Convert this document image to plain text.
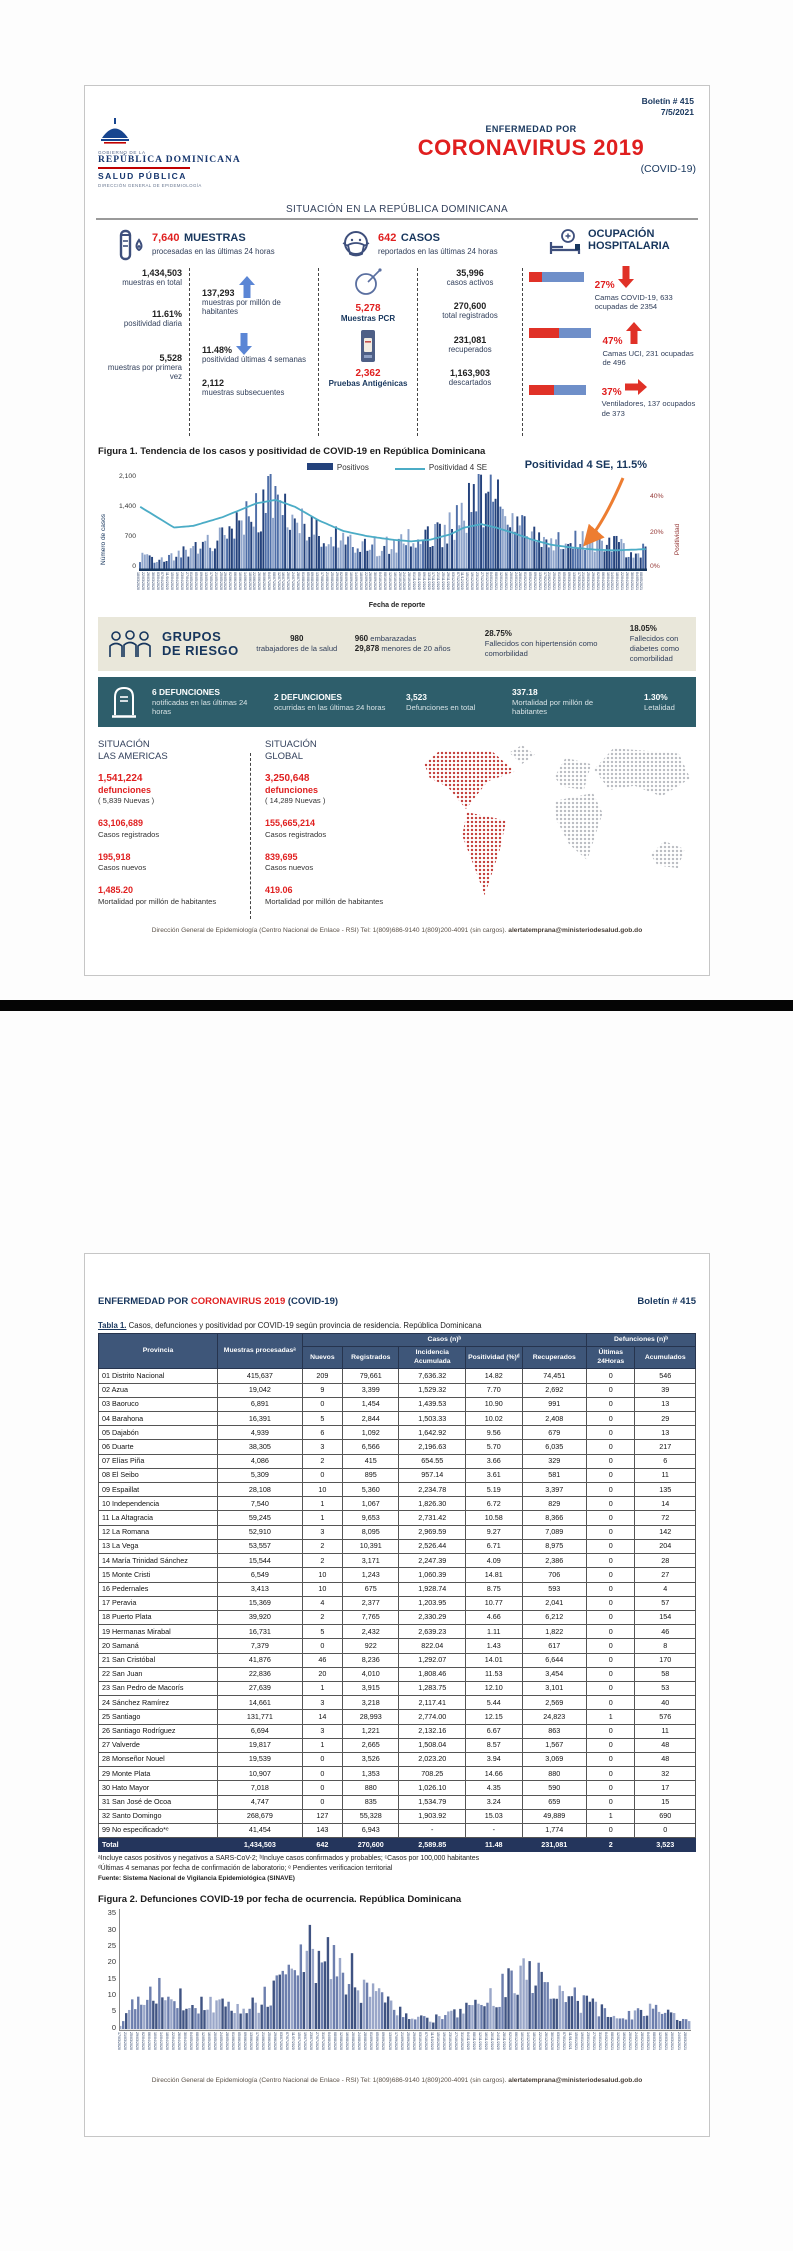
GOBIERNO DE LA
REPÚBLICA DOMINICANA
SALUD PÚBLICA
DIRECCIÓN GENERAL DE EPIDEMIOLOGÍA
Boletín # 415
7/5/2021
ENFERMEDAD POR
CORONAVIRUS 2019
(COVID-19)
SITUACIÓN EN LA REPÚBLICA DOMINICANA
7,640 MUESTRAS
procesadas en las últimas 24 horas
642 CASOS
reportados en las últimas 24 horas
OCUPACIÓN
HOSPITALARIA
1,434,503
muestras en total
11.61%
positividad diaria
5,528
muestras por primera vez
137,293
muestras por millón de habitantes
11.48%
positividad últimas 4 semanas
2,112
muestras subsecuentes
5,278
Muestras PCR
2,362
Pruebas Antigénicas
35,996
casos activos
270,600
total registrados
231,081
recuperados
1,163,903
descartados
27%
Camas COVID-19, 633 ocupadas de 2354
47%
Camas UCI, 231 ocupadas de 496
37%
Ventiladores, 137 ocupados de 373
Figura 1. Tendencia de los casos y positividad de COVID-19 en República Dominicana
Positivos	Positividad 4 SE
Número de casos
2,100
1,400
700
0
Positividad 4 SE, 11.5%
18/03/2020 22/03/2020 26/03/2020 30/03/2020 03/04/2020 07/04/2020 11/04/2020 15/04/2020 19/04/2020 23/04/2020 27/04/2020 01/05/2020 05/05/2020 09/05/2020 13/05/2020 17/05/2020 21/05/2020 25/05/2020 29/05/2020 02/06/2020 06/06/2020 10/06/2020 14/06/2020 18/06/2020 22/06/2020 26/06/2020 30/06/2020 04/07/2020 08/07/2020 12/07/2020 16/07/2020 20/07/2020 24/07/2020 28/07/2020 01/08/2020 05/08/2020 09/08/2020 13/08/2020 17/08/2020 21/08/2020 25/08/2020 29/08/2020 02/09/2020 06/09/2020 10/09/2020 14/09/2020 18/09/2020 22/09/2020 26/09/2020 30/09/2020 04/10/2020 08/10/2020 12/10/2020 16/10/2020 20/10/2020 24/10/2020 28/10/2020 01/11/2020 05/11/2020 09/11/2020 13/11/2020 17/11/2020 21/11/2020 25/11/2020 29/11/2020 03/12/2020 07/12/2020 11/12/2020 15/12/2020 19/12/2020 23/12/2020 27/12/2020 31/12/2020 04/01/2021 08/01/2021 12/01/2021 16/01/2021 20/01/2021 24/01/2021 28/01/2021 01/02/2021 05/02/2021 09/02/2021 13/02/2021 17/02/2021 21/02/2021 25/02/2021 01/03/2021 05/03/2021 09/03/2021 13/03/2021 17/03/2021 21/03/2021 25/03/2021 29/03/2021 02/04/2021 06/04/2021 10/04/2021 14/04/2021 18/04/2021 22/04/2021 26/04/2021 30/04/2021 04/05/2021 08/05/2021
40%
20%
0%
Positividad
Fecha de reporte
GRUPOS
DE RIESGO
980
trabajadores de la salud
960 embarazadas
29,878 menores de 20 años
28.75%
Fallecidos con hipertensión como comorbilidad
18.05%
Fallecidos con diabetes como comorbilidad
6 DEFUNCIONES
notificadas en las últimas 24 horas
2 DEFUNCIONES
ocurridas en las últimas 24 horas
3,523
Defunciones en total
337.18
Mortalidad por millón de habitantes
1.30%
Letalidad
SITUACIÓN
LAS AMERICAS
1,541,224
defunciones
( 5,839 Nuevas )
63,106,689
Casos registrados
195,918
Casos nuevos
1,485.20
Mortalidad por millón de habitantes
SITUACIÓN
GLOBAL
3,250,648
defunciones
( 14,289 Nuevas )
155,665,214
Casos registrados
839,695
Casos nuevos
419.06
Mortalidad por millón de habitantes
Dirección General de Epidemiología (Centro Nacional de Enlace - RSI) Tel: 1(809)686-9140 1(809)200-4091 (sin cargos). alertatemprana@ministeriodesalud.gob.do
ENFERMEDAD POR CORONAVIRUS 2019 (COVID-19)	Boletín # 415
Tabla 1. Casos, defunciones y positividad por COVID-19 según provincia de residencia. República Dominicana
Provincia	Muestras procesadasᵃ	Casos (n)ᵇ					Defunciones (n)ᵇ	
		Nuevos	Registrados	Incidencia Acumulada	Positividad (%)ᵈ	Recuperados	Últimas 24Horas	Acumulados
01 Distrito Nacional	415,637	209	79,661	7,636.32	14.82	74,451	0	546
02 Azua	19,042	9	3,399	1,529.32	7.70	2,692	0	39
03 Baoruco	6,891	0	1,454	1,439.53	10.90	991	0	13
04 Barahona	16,391	5	2,844	1,503.33	10.02	2,408	0	29
05 Dajabón	4,939	6	1,092	1,642.92	9.56	679	0	13
06 Duarte	38,305	3	6,566	2,196.63	5.70	6,035	0	217
07 Elías Piña	4,086	2	415	654.55	3.66	329	0	6
08 El Seibo	5,309	0	895	957.14	3.61	581	0	11
09 Espaillat	28,108	10	5,360	2,234.78	5.19	3,397	0	135
10 Independencia	7,540	1	1,067	1,826.30	6.72	829	0	14
11 La Altagracia	59,245	1	9,653	2,731.42	10.58	8,366	0	72
12 La Romana	52,910	3	8,095	2,969.59	9.27	7,089	0	142
13 La Vega	53,557	2	10,391	2,526.44	6.71	8,975	0	204
14 María Trinidad Sánchez	15,544	2	3,171	2,247.39	4.09	2,386	0	28
15 Monte Cristi	6,549	10	1,243	1,060.39	14.81	706	0	27
16 Pedernales	3,413	10	675	1,928.74	8.75	593	0	4
17 Peravia	15,369	4	2,377	1,203.95	10.77	2,041	0	57
18 Puerto Plata	39,920	2	7,765	2,330.29	4.66	6,212	0	154
19 Hermanas Mirabal	16,731	5	2,432	2,639.23	1.11	1,822	0	46
20 Samaná	7,379	0	922	822.04	1.43	617	0	8
21 San Cristóbal	41,876	46	8,236	1,292.07	14.01	6,644	0	170
22 San Juan	22,836	20	4,010	1,808.46	11.53	3,454	0	58
23 San Pedro de Macorís	27,639	1	3,915	1,283.75	12.10	3,101	0	53
24 Sánchez Ramírez	14,661	3	3,218	2,117.41	5.44	2,569	0	40
25 Santiago	131,771	14	28,993	2,774.00	12.15	24,823	1	576
26 Santiago Rodríguez	6,694	3	1,221	2,132.16	6.67	863	0	11
27 Valverde	19,817	1	2,665	1,508.04	8.57	1,567	0	48
28 Monseñor Nouel	19,539	0	3,526	2,023.20	3.94	3,069	0	48
29 Monte Plata	10,907	0	1,353	708.25	14.66	880	0	32
30 Hato Mayor	7,018	0	880	1,026.10	4.35	590	0	17
31 San José de Ocoa	4,747	0	835	1,534.79	3.24	659	0	15
32 Santo Domingo	268,679	127	55,328	1,903.92	15.03	49,889	1	690
99 No especificado*ᵉ	41,454	143	6,943	-	-	1,774	0	0
Total	1,434,503	642	270,600	2,589.85	11.48	231,081	2	3,523
ᵃIncluye casos positivos y negativos a SARS-CoV-2; ᵇIncluye casos confirmados y probables; ᶜCasos por 100,000 habitantes
ᵈÚltimas 4 semanas por fecha de confirmación de laboratorio; ᵉ Pendientes verificacion territorial
Fuente: Sistema Nacional de Vigilancia Epidemiológica (SINAVE)
Figura 2. Defunciones COVID-19 por fecha de ocurrencia. República Dominicana
35
30
25
20
15
10
5
0
17/03/2020 21/03/2020 25/03/2020 29/03/2020 02/04/2020 06/04/2020 10/04/2020 14/04/2020 18/04/2020 22/04/2020 26/04/2020 30/04/2020 04/05/2020 08/05/2020 12/05/2020 16/05/2020 20/05/2020 24/05/2020 28/05/2020 01/06/2020 05/06/2020 09/06/2020 13/06/2020 17/06/2020 21/06/2020 25/06/2020 29/06/2020 03/07/2020 07/07/2020 11/07/2020 15/07/2020 19/07/2020 23/07/2020 27/07/2020 31/07/2020 04/08/2020 08/08/2020 12/08/2020 16/08/2020 20/08/2020 24/08/2020 28/08/2020 01/09/2020 05/09/2020 09/09/2020 13/09/2020 17/09/2020 21/09/2020 25/09/2020 29/09/2020 03/10/2020 07/10/2020 11/10/2020 15/10/2020 19/10/2020 23/10/2020 27/10/2020 31/10/2020 04/11/2020 08/11/2020 12/11/2020 16/11/2020 20/11/2020 24/11/2020 28/11/2020 02/12/2020 06/12/2020 10/12/2020 14/12/2020 18/12/2020 22/12/2020 26/12/2020 30/12/2020 03/01/2021 07/01/2021 11/01/2021 15/01/2021 19/01/2021 23/01/2021 27/01/2021 31/01/2021 04/02/2021 08/02/2021 12/02/2021 16/02/2021 20/02/2021 24/02/2021 28/02/2021 04/03/2021 08/03/2021 12/03/2021 16/03/2021 20/03/2021 24/03/2021 28/03/2021
Dirección General de Epidemiología (Centro Nacional de Enlace - RSI) Tel: 1(809)686-9140 1(809)200-4091 (sin cargos). alertatemprana@ministeriodesalud.gob.do
